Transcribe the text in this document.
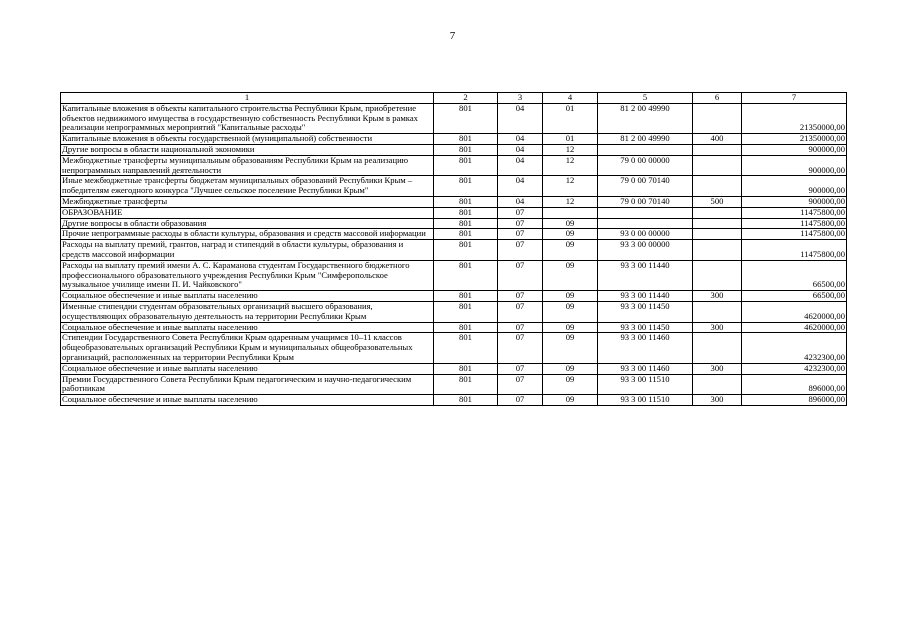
7
1	2	3	4	5	6	7
Капитальные вложения в объекты капитального строительства Республики Крым, приобретение объектов недвижимого имущества в государственную собственность Республики Крым в рамках реализации непрограммных мероприятий "Капитальные расходы"	801	04	01	81 2 00 49990		21350000,00
Капитальные вложения в объекты государственной (муниципальной) собственности	801	04	01	81 2 00 49990	400	21350000,00
Другие вопросы в области национальной экономики	801	04	12			900000,00
Межбюджетные трансферты муниципальным образованиям Республики Крым на реализацию непрограммных направлений деятельности	801	04	12	79 0 00 00000		900000,00
Иные межбюджетные трансферты бюджетам муниципальных образований Республики Крым – победителям ежегодного конкурса "Лучшее сельское поселение Республики Крым"	801	04	12	79 0 00 70140		900000,00
Межбюджетные трансферты	801	04	12	79 0 00 70140	500	900000,00
ОБРАЗОВАНИЕ	801	07				11475800,00
Другие вопросы в области образования	801	07	09			11475800,00
Прочие непрограммные расходы в области культуры, образования и средств массовой информации	801	07	09	93 0 00 00000		11475800,00
Расходы на выплату премий, грантов, наград и стипендий в области культуры, образования и средств массовой информации	801	07	09	93 3 00 00000		11475800,00
Расходы на выплату премий имени А. С. Караманова студентам Государственного бюджетного профессионального образовательного учреждения Республики Крым "Симферопольское музыкальное училище имени П. И. Чайковского"	801	07	09	93 3 00 11440		66500,00
Социальное обеспечение и иные выплаты населению	801	07	09	93 3 00 11440	300	66500,00
Именные стипендии студентам образовательных организаций высшего образования, осуществляющих образовательную деятельность на территории Республики Крым	801	07	09	93 3 00 11450		4620000,00
Социальное обеспечение и иные выплаты населению	801	07	09	93 3 00 11450	300	4620000,00
Стипендии Государственного Совета Республики Крым одаренным учащимся 10–11 классов общеобразовательных организаций Республики Крым и муниципальных общеобразовательных организаций, расположенных на территории Республики Крым	801	07	09	93 3 00 11460		4232300,00
Социальное обеспечение и иные выплаты населению	801	07	09	93 3 00 11460	300	4232300,00
Премии Государственного Совета Республики Крым педагогическим и научно-педагогическим работникам	801	07	09	93 3 00 11510		896000,00
Социальное обеспечение и иные выплаты населению	801	07	09	93 3 00 11510	300	896000,00
